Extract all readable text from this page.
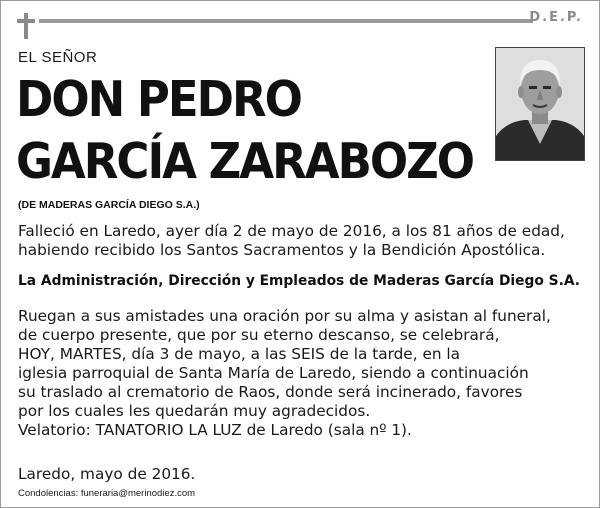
D.E.P.
EL SEÑOR
DON PEDRO
GARCÍA ZARABOZO
(DE MADERAS GARCÍA DIEGO S.A.)
Falleció en Laredo, ayer día 2 de mayo de 2016, a los 81 años de edad,
habiendo recibido los Santos Sacramentos y la Bendición Apostólica.
La Administración, Dirección y Empleados de Maderas García Diego S.A.
Ruegan a sus amistades una oración por su alma y asistan al funeral,
de cuerpo presente, que por su eterno descanso, se celebrará,
HOY, MARTES, día 3 de mayo, a las SEIS de la tarde, en la
iglesia parroquial de Santa María de Laredo, siendo a continuación
su traslado al crematorio de Raos, donde será incinerado, favores
por los cuales les quedarán muy agradecidos.
Velatorio: TANATORIO LA LUZ de Laredo (sala nº 1).
Laredo, mayo de 2016.
Condolencias: funeraria@merinodiez.com
